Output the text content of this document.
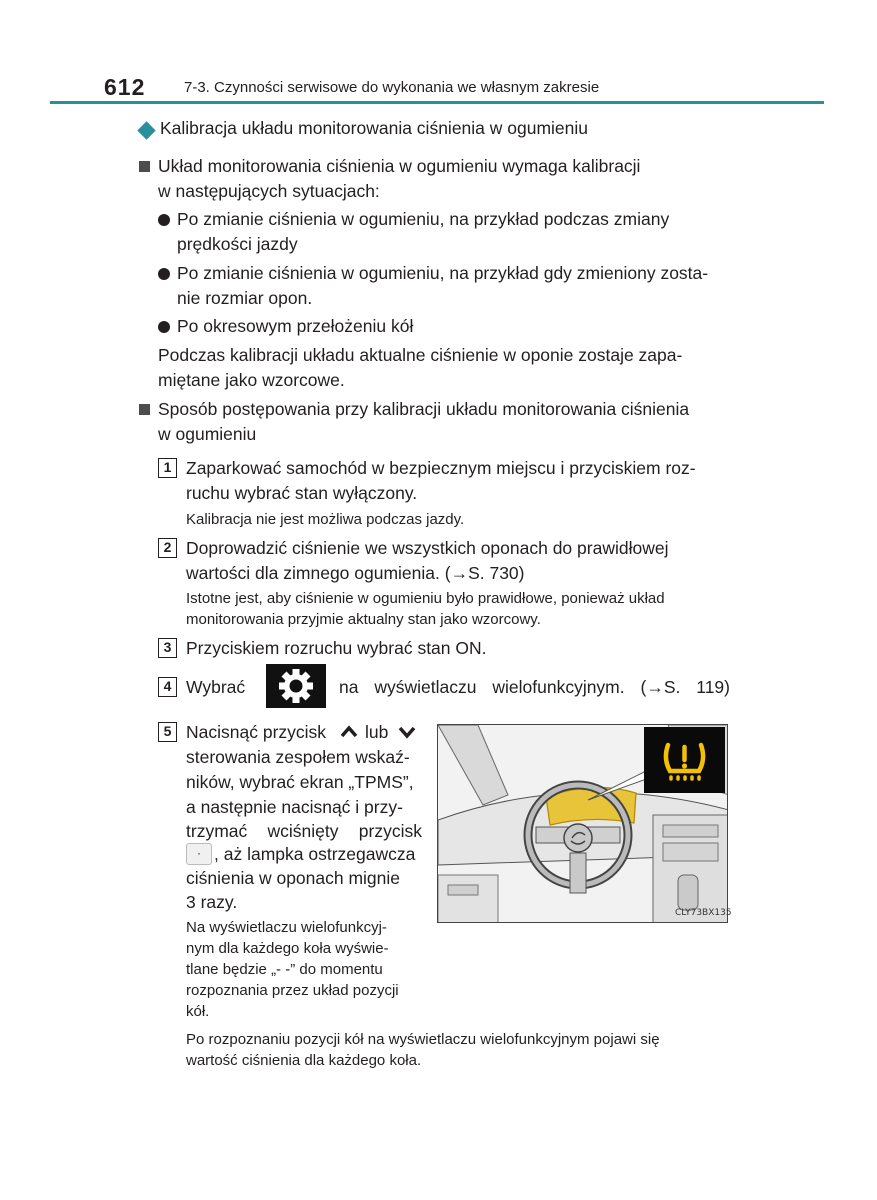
612	7-3. Czynności serwisowe do wykonania we własnym zakresie
Kalibracja układu monitorowania ciśnienia w ogumieniu
Układ monitorowania ciśnienia w ogumieniu wymaga kalibracji
w następujących sytuacjach:
Po zmianie ciśnienia w ogumieniu, na przykład podczas zmiany
prędkości jazdy
Po zmianie ciśnienia w ogumieniu, na przykład gdy zmieniony zosta-
nie rozmiar opon.
Po okresowym przełożeniu kół
Podczas kalibracji układu aktualne ciśnienie w oponie zostaje zapa-
miętane jako wzorcowe.
Sposób postępowania przy kalibracji układu monitorowania ciśnienia
w ogumieniu
1 Zaparkować samochód w bezpiecznym miejscu i przyciskiem roz-
ruchu wybrać stan wyłączony.
Kalibracja nie jest możliwa podczas jazdy.
2 Doprowadzić ciśnienie we wszystkich oponach do prawidłowej
wartości dla zimnego ogumienia. (→S. 730)
Istotne jest, aby ciśnienie w ogumieniu było prawidłowe, ponieważ układ
monitorowania przyjmie aktualny stan jako wzorcowy.
3 Przyciskiem rozruchu wybrać stan ON.
4 Wybrać	na wyświetlaczu wielofunkcyjnym. (→S. 119)
5 Nacisnąć przycisk lub
sterowania zespołem wskaź-
ników, wybrać ekran „TPMS”,
a następnie nacisnąć i przy-
trzymać wciśnięty przycisk
· , aż lampka ostrzegawcza
ciśnienia w oponach mignie
3 razy.
Na wyświetlaczu wielofunkcyj-
nym dla każdego koła wyświe-
tlane będzie „- -” do momentu
rozpoznania przez układ pozycji
kół.
Po rozpoznaniu pozycji kół na wyświetlaczu wielofunkcyjnym pojawi się
wartość ciśnienia dla każdego koła.
CLY73BX135
